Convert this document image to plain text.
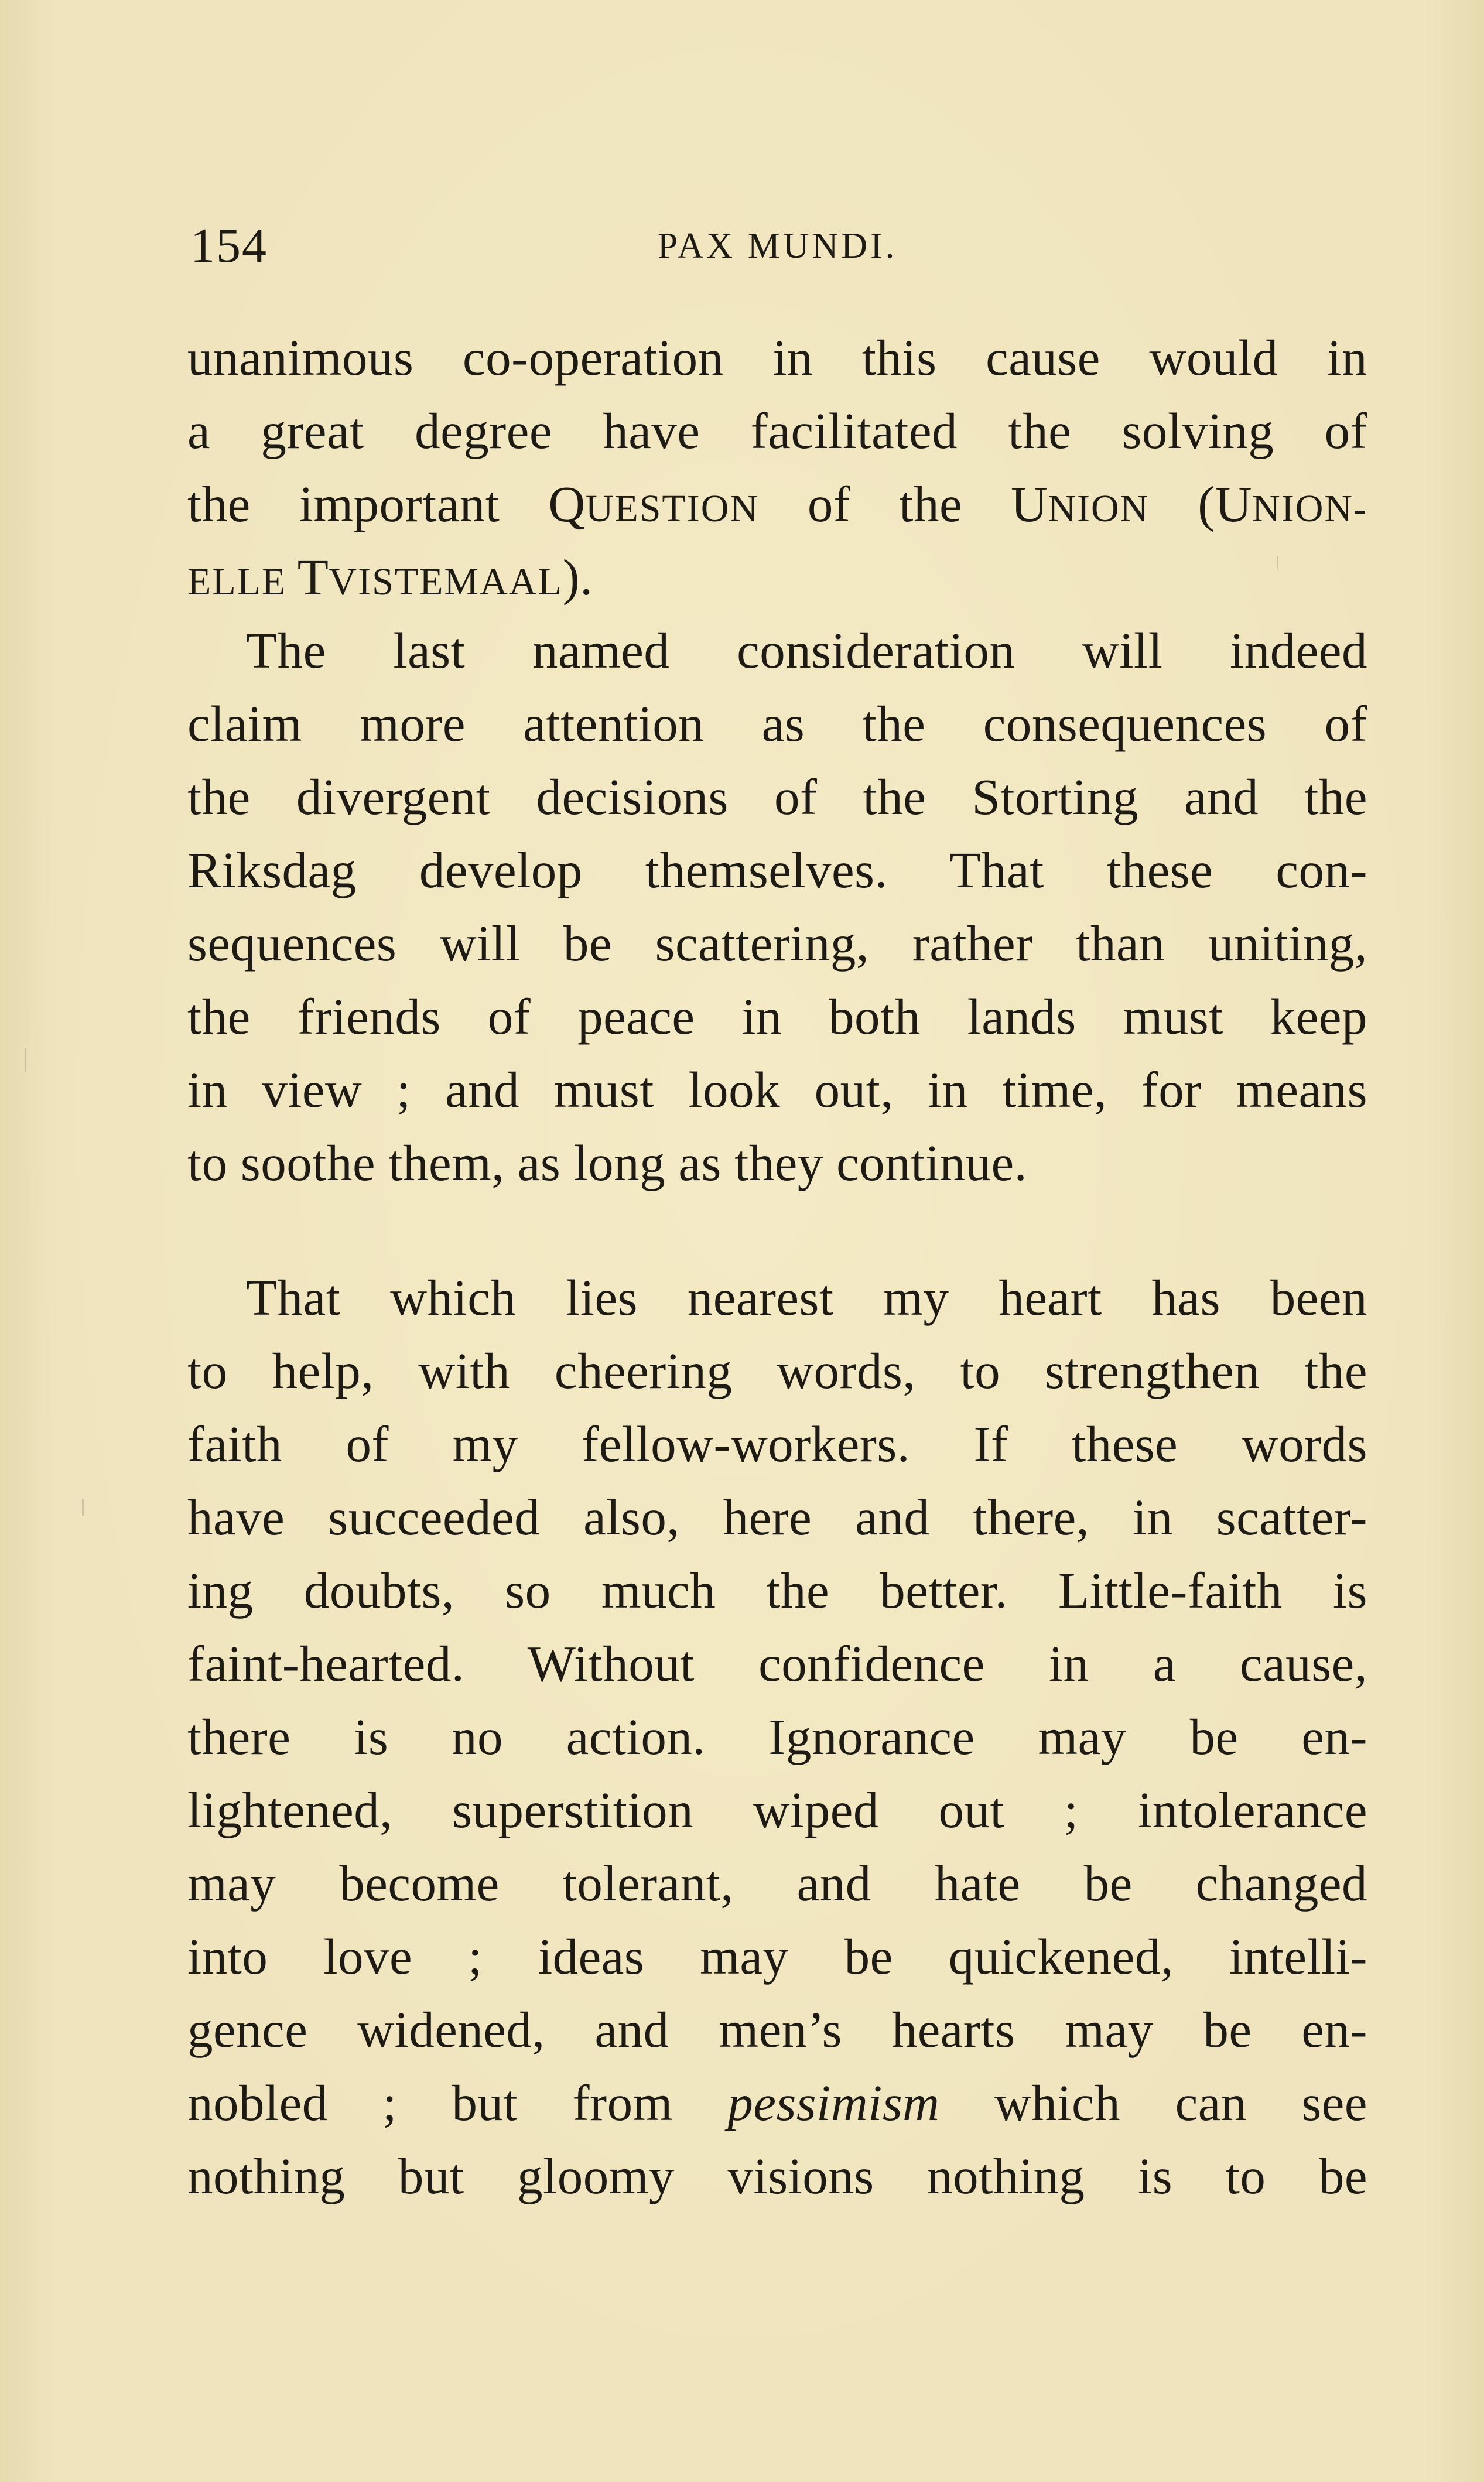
154	PAX MUNDI.
unanimous co-operation in this cause would in
a great degree have facilitated the solving of
the important QUESTION of the UNION (UNION-
ELLE TVISTEMAAL).
The last named consideration will indeed
claim more attention as the consequences of
the divergent decisions of the Storting and the
Riksdag develop themselves. That these con-
sequences will be scattering, rather than uniting,
the friends of peace in both lands must keep
in view ; and must look out, in time, for means
to soothe them, as long as they continue.
That which lies nearest my heart has been
to help, with cheering words, to strengthen the
faith of my fellow-workers. If these words
have succeeded also, here and there, in scatter-
ing doubts, so much the better. Little-faith is
faint-hearted. Without confidence in a cause,
there is no action. Ignorance may be en-
lightened, superstition wiped out ; intolerance
may become tolerant, and hate be changed
into love ; ideas may be quickened, intelli-
gence widened, and men’s hearts may be en-
nobled ; but from pessimism which can see
nothing but gloomy visions nothing is to be
